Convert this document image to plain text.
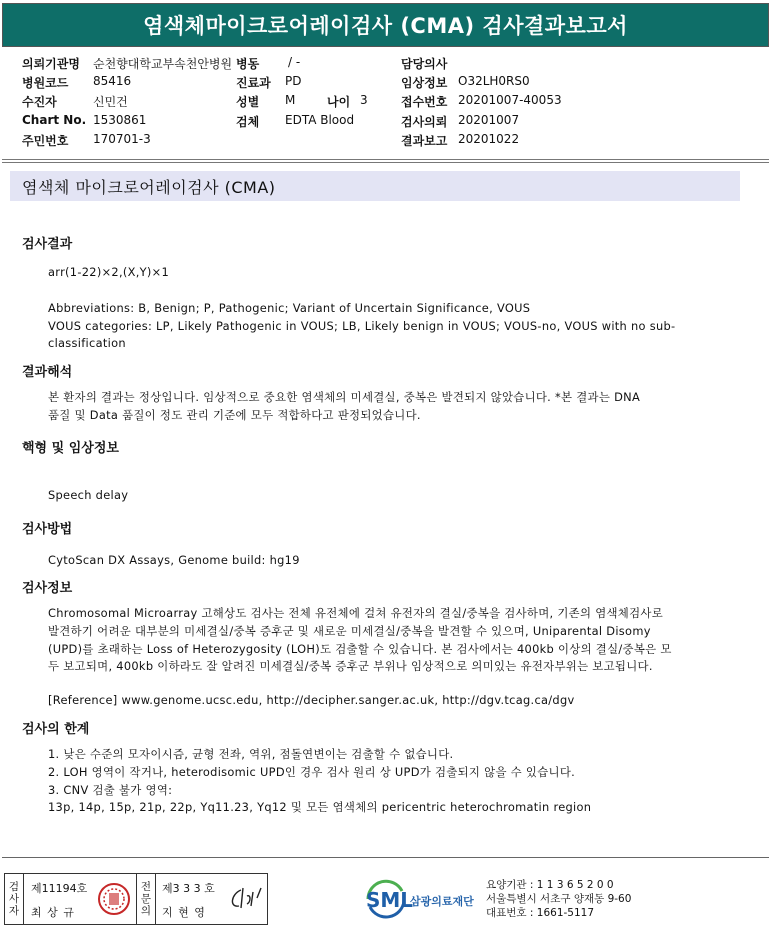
염색체마이크로어레이검사 (CMA) 검사결과보고서
의뢰기관명 순천향대학교부속천안병원 병동 / -	담당의사
병원코드 85416	진료과 PD	임상정보 O32LH0RS0
수진자	신민건	성별 M	나이 3	접수번호 20201007-40053
Chart No. 1530861	검체 EDTA Blood	검사의뢰 20201007
주민번호 170701-3	결과보고 20201022
염색체 마이크로어레이검사 (CMA)
검사결과
arr(1-22)×2,(X,Y)×1
Abbreviations: B, Benign; P, Pathogenic; Variant of Uncertain Significance, VOUS
VOUS categories: LP, Likely Pathogenic in VOUS; LB, Likely benign in VOUS; VOUS-no, VOUS with no sub-
classification
결과해석
본 환자의 결과는 정상입니다. 임상적으로 중요한 염색체의 미세결실, 중복은 발견되지 않았습니다. *본 결과는 DNA
품질 및 Data 품질이 정도 관리 기준에 모두 적합하다고 판정되었습니다.
핵형 및 임상정보
Speech delay
검사방법
CytoScan DX Assays, Genome build: hg19
검사정보
Chromosomal Microarray 고해상도 검사는 전체 유전체에 걸쳐 유전자의 결실/중복을 검사하며, 기존의 염색체검사로
발견하기 어려운 대부분의 미세결실/중복 증후군 및 새로운 미세결실/중복을 발견할 수 있으며, Uniparental Disomy
(UPD)를 초래하는 Loss of Heterozygosity (LOH)도 검출할 수 있습니다. 본 검사에서는 400kb 이상의 결실/중복은 모
두 보고되며, 400kb 이하라도 잘 알려진 미세결실/중복 증후군 부위나 임상적으로 의미있는 유전자부위는 보고됩니다.
[Reference] www.genome.ucsc.edu, http://decipher.sanger.ac.uk, http://dgv.tcag.ca/dgv
검사의 한계
1. 낮은 수준의 모자이시즘, 균형 전좌, 역위, 점돌연변이는 검출할 수 없습니다.
2. LOH 영역이 작거나, heterodisomic UPD인 경우 검사 원리 상 UPD가 검출되지 않을 수 있습니다.
3. CNV 검출 불가 영역:
13p, 14p, 15p, 21p, 22p, Yq11.23, Yq12 및 모든 염색체의 pericentric heterochromatin region
검
사
자
제11194호
최 상 규
전
문
의
제3 3 3 호
지 현 영
SML
삼광의료재단
요양기관 : 1 1 3 6 5 2 0 0
서울특별시 서초구 양재동 9-60
대표번호 : 1661-5117
